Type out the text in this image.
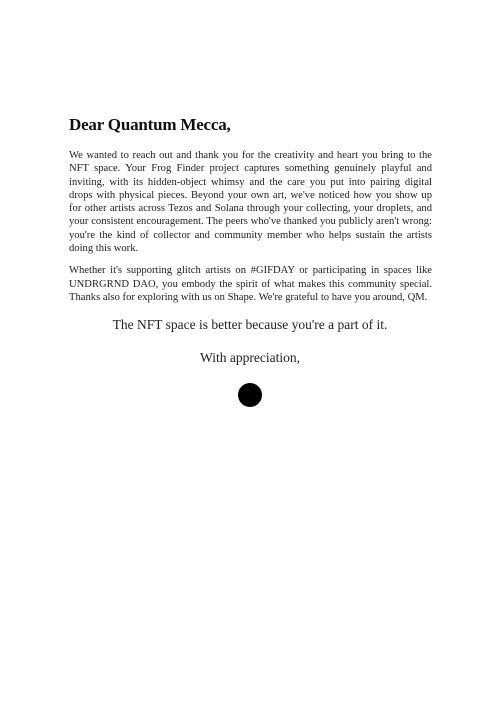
Dear Quantum Mecca,

We wanted to reach out and thank you for the creativity and heart you bring to the NFT space. Your Frog Finder project captures something genuinely playful and inviting, with its hidden-object whimsy and the care you put into pairing digital drops with physical pieces. Beyond your own art, we've noticed how you show up for other artists across Tezos and Solana through your collecting, your droplets, and your consistent encouragement. The peers who've thanked you publicly aren't wrong: you're the kind of collector and community member who helps sustain the artists doing this work.

Whether it's supporting glitch artists on #GIFDAY or participating in spaces like UNDRGRND DAO, you embody the spirit of what makes this community special. Thanks also for exploring with us on Shape. We're grateful to have you around, QM.

The NFT space is better because you're a part of it.
With appreciation,
